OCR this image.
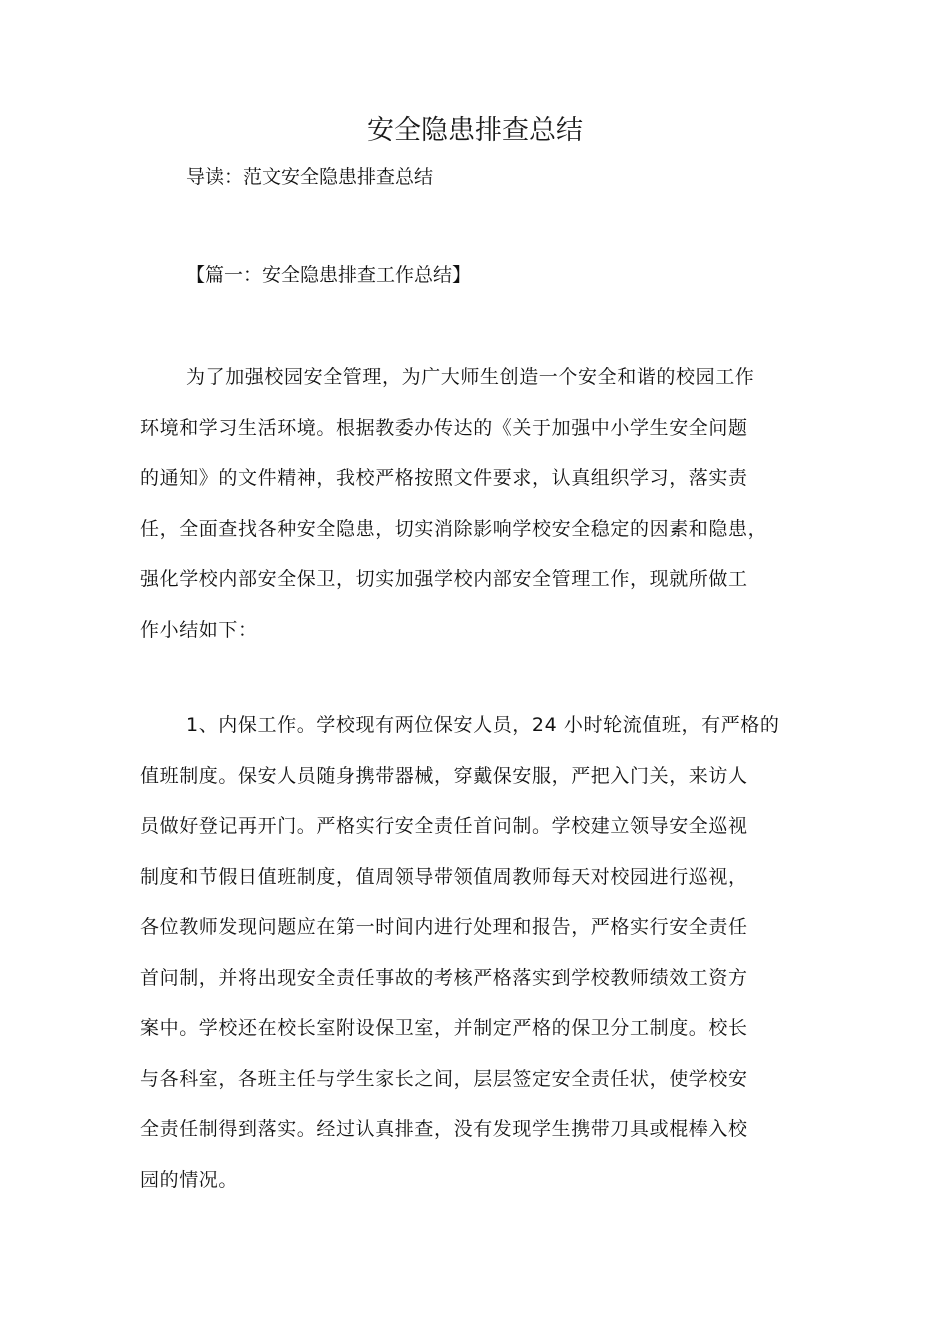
安全隐患排查总结

导读：范文安全隐患排查总结

【篇一：安全隐患排查工作总结】
为了加强校园安全管理，为广大师生创造一个安全和谐的校园工作
环境和学习生活环境。根据教委办传达的《关于加强中小学生安全问题
的通知》的文件精神，我校严格按照文件要求，认真组织学习，落实责
任，全面查找各种安全隐患，切实消除影响学校安全稳定的因素和隐患，
强化学校内部安全保卫，切实加强学校内部安全管理工作，现就所做工
作小结如下：
1、内保工作。学校现有两位保安人员，24 小时轮流值班，有严格的
值班制度。保安人员随身携带器械，穿戴保安服，严把入门关，来访人
员做好登记再开门。严格实行安全责任首问制。学校建立领导安全巡视
制度和节假日值班制度，值周领导带领值周教师每天对校园进行巡视，
各位教师发现问题应在第一时间内进行处理和报告，严格实行安全责任
首问制，并将出现安全责任事故的考核严格落实到学校教师绩效工资方
案中。学校还在校长室附设保卫室，并制定严格的保卫分工制度。校长
与各科室，各班主任与学生家长之间，层层签定安全责任状，使学校安
全责任制得到落实。经过认真排查，没有发现学生携带刀具或棍棒入校
园的情况。
